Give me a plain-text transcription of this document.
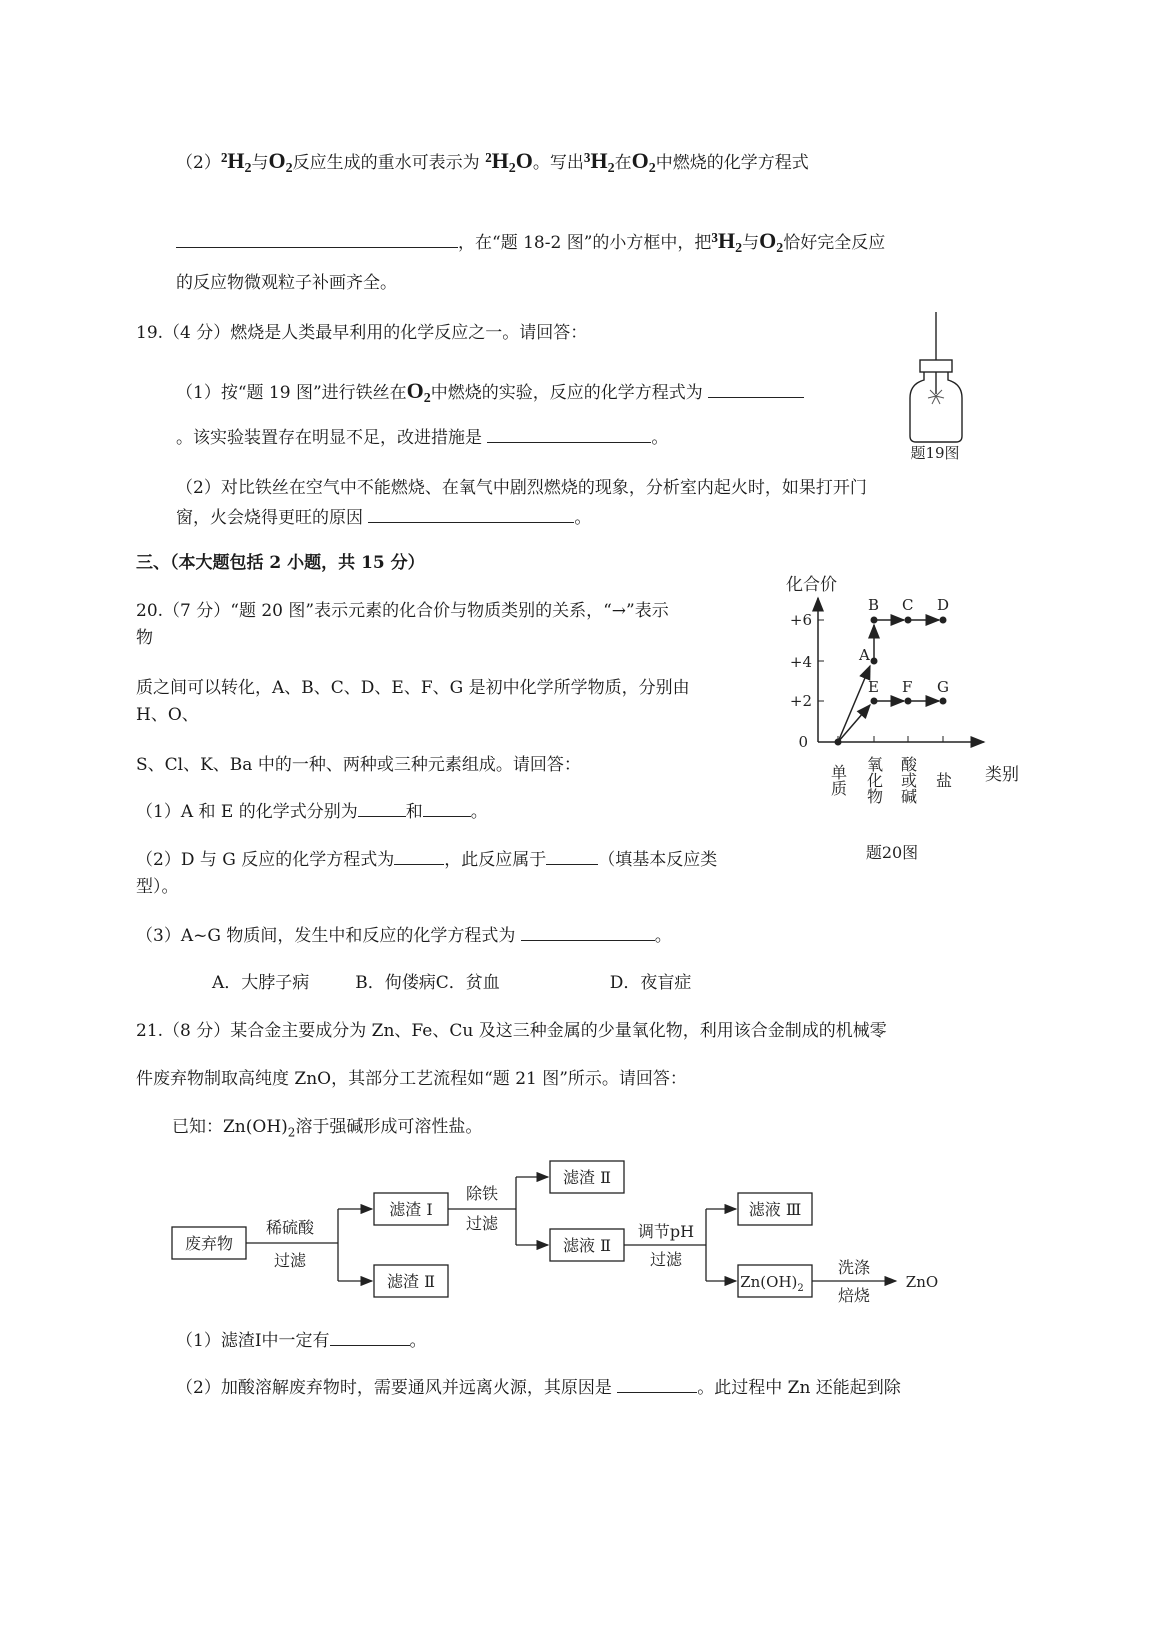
$(2)^2H_2$与$O_2$反应生成的重水可表示为 $^2H_2O$。写出$^3H_2$在$O_2$中燃烧的化学方程式
，在“题 18-2 图”的小方框中，把$^3H_2$与$O_2$恰好完全反应
的反应物微观粒子补画齐全。
19.（4 分）燃烧是人类最早利用的化学反应之一。请回答：
（1）按“题 19 图”进行铁丝在$O_2$中燃烧的实验，反应的化学方程式为
。该实验装置存在明显不足，改进措施是	。
题19图
（2）对比铁丝在空气中不能燃烧、在氧气中剧烈燃烧的现象，分析室内起火时，如果打开门
窗，火会烧得更旺的原因	。
三、（本大题包括 2 小题，共 15 分）
20.（7 分）“题 20 图”表示元素的化合价与物质类别的关系，“→”表示
物
质之间可以转化，A、B、C、D、E、F、G 是初中化学所学物质，分别由
H、O、
S、Cl、K、Ba 中的一种、两种或三种元素组成。请回答：
（1）A 和 E 的化学式分别为	和	。
（2）D 与 G 反应的化学方程式为	，此反应属于	（填基本反应类
型）。
（3）A~G 物质间，发生中和反应的化学方程式为	。
A．大脖子病	B．佝偻病C．贫血	D．夜盲症
化合价
类别
+6
+4
+2
0
A
B C D
E F G
单质 氧化物 酸或碱 盐
题20图
21.（8 分）某合金主要成分为 Zn、Fe、Cu 及这三种金属的少量氧化物，利用该合金制成的机械零
件废弃物制取高纯度 ZnO，其部分工艺流程如“题 21 图”所示。请回答：
已知：$Zn(OH)_2$溶于强碱形成可溶性盐。
废弃物
稀硫酸
过滤
滤渣 Ⅰ
滤渣 Ⅱ
除铁
过滤
滤渣 Ⅱ
滤液 Ⅱ
调节pH
过滤
滤液 Ⅲ
$Zn(OH)_2$
洗涤
焙烧
ZnO
（1）滤渣Ⅰ中一定有	。
（2）加酸溶解废弃物时，需要通风并远离火源，其原因是	。此过程中 Zn 还能起到除
